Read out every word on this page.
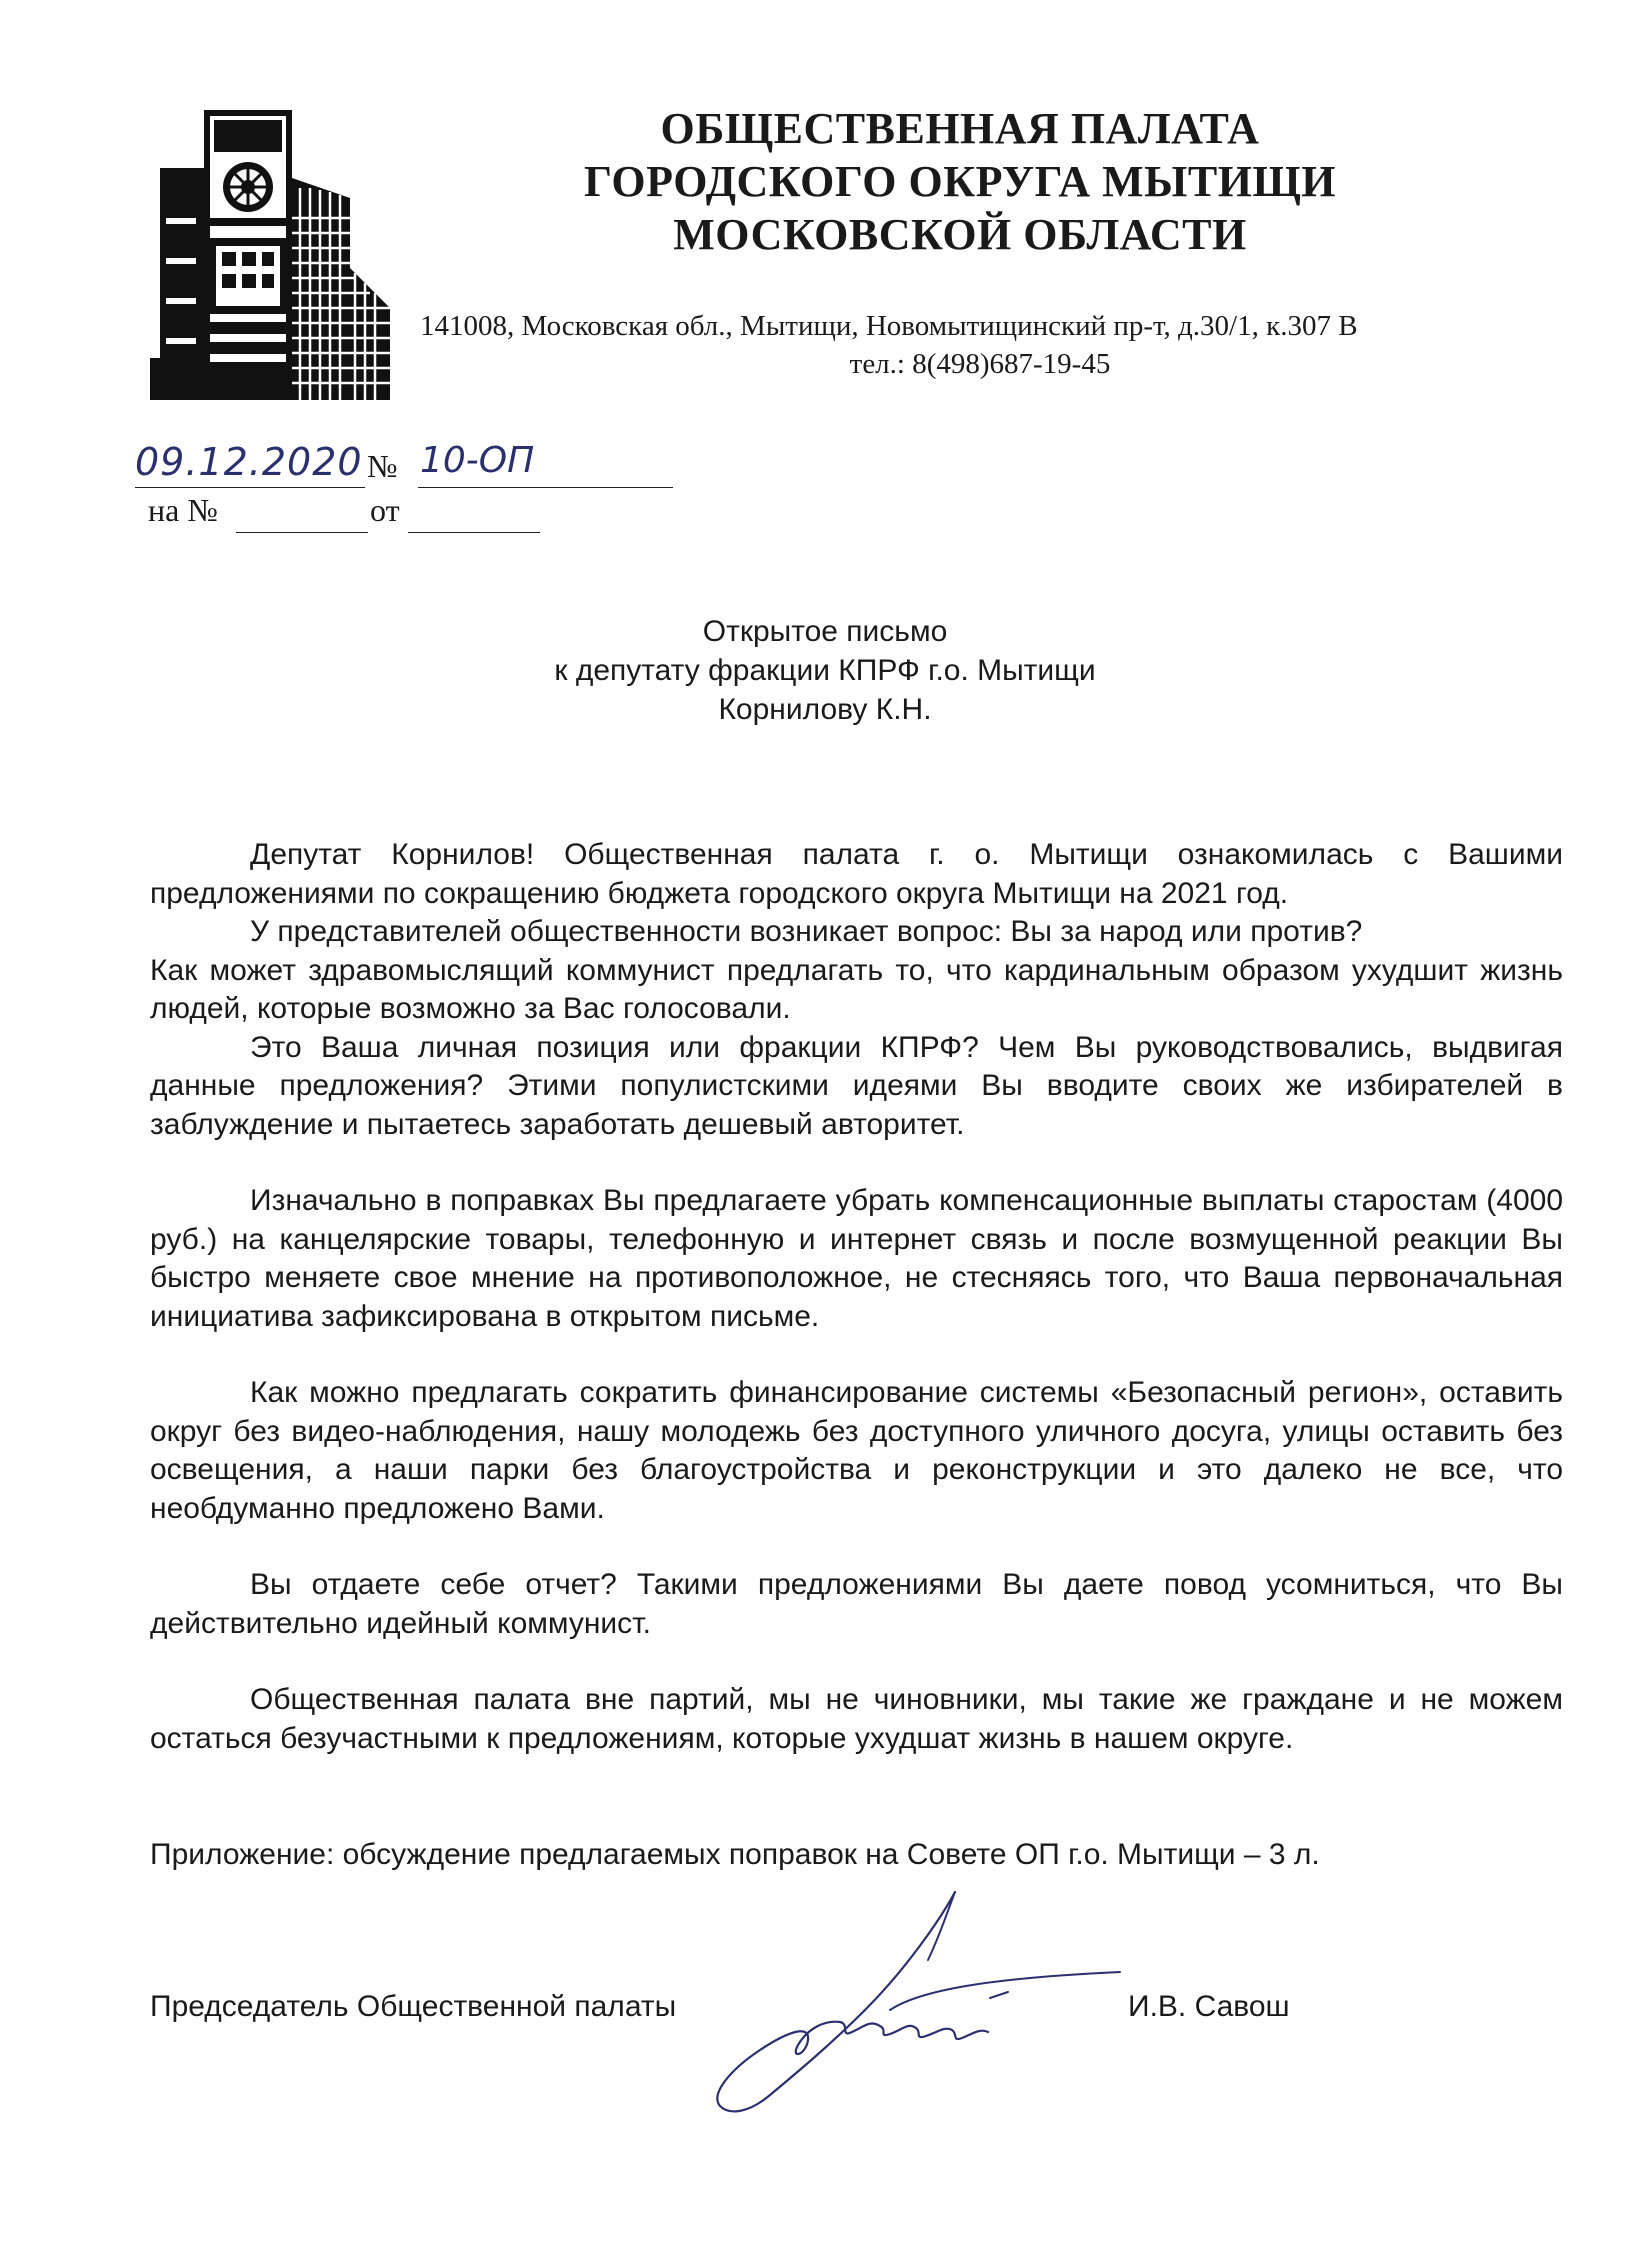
ОБЩЕСТВЕННАЯ ПАЛАТА
ГОРОДСКОГО ОКРУГА МЫТИЩИ
МОСКОВСКОЙ ОБЛАСТИ
141008, Московская обл., Мытищи, Новомытищинский пр-т, д.30/1, к.307 В
тел.: 8(498)687-19-45
09.12.2020 № 10-ОП
на №	от
Открытое письмо
к депутату фракции КПРФ г.о. Мытищи
Корнилову К.Н.

Депутат Корнилов! Общественная палата г. о. Мытищи ознакомилась с Вашими предложениями по сокращению бюджета городского округа Мытищи на 2021 год.

У представителей общественности возникает вопрос: Вы за народ или против?

Как может здравомыслящий коммунист предлагать то, что кардинальным образом ухудшит жизнь людей, которые возможно за Вас голосовали.

Это Ваша личная позиция или фракции КПРФ? Чем Вы руководствовались, выдвигая данные предложения? Этими популистскими идеями Вы вводите своих же избирателей в заблуждение и пытаетесь заработать дешевый авторитет.

Изначально в поправках Вы предлагаете убрать компенсационные выплаты старостам (4000 руб.) на канцелярские товары, телефонную и интернет связь и после возмущенной реакции Вы быстро меняете свое мнение на противоположное, не стесняясь того, что Ваша первоначальная инициатива зафиксирована в открытом письме.

Как можно предлагать сократить финансирование системы «Безопасный регион», оставить округ без видео-наблюдения, нашу молодежь без доступного уличного досуга, улицы оставить без освещения, а наши парки без благоустройства и реконструкции и это далеко не все, что необдуманно предложено Вами.

Вы отдаете себе отчет? Такими предложениями Вы даете повод усомниться, что Вы действительно идейный коммунист.

Общественная палата вне партий, мы не чиновники, мы такие же граждане и не можем остаться безучастными к предложениям, которые ухудшат жизнь в нашем округе.

Приложение: обсуждение предлагаемых поправок на Совете ОП г.о. Мытищи – 3 л.
Председатель Общественной палаты	И.В. Савош
